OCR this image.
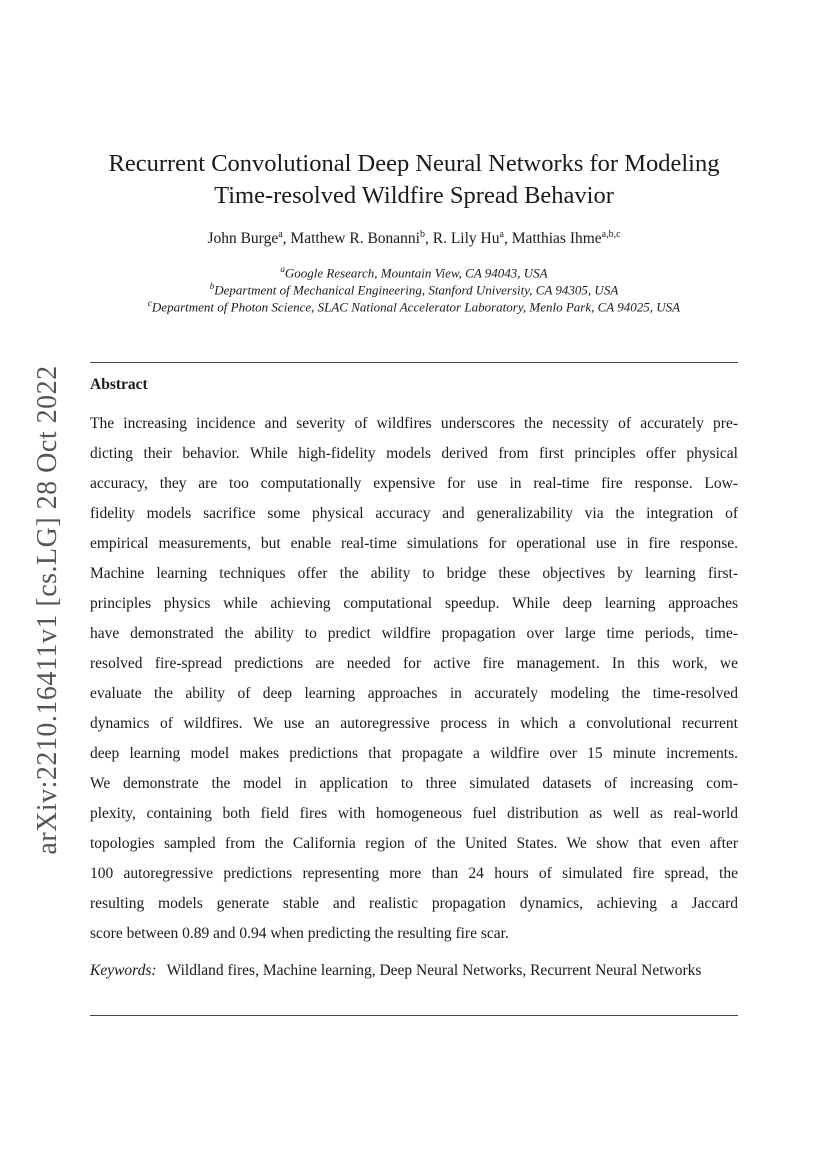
arXiv:2210.16411v1 [cs.LG] 28 Oct 2022
Recurrent Convolutional Deep Neural Networks for Modeling
Time-resolved Wildfire Spread Behavior
John Burge$^a$, Matthew R. Bonanni$^b$, R. Lily Hu$^a$, Matthias Ihme$^{a,b,c}$
$^a$Google Research, Mountain View, CA 94043, USA
$^b$Department of Mechanical Engineering, Stanford University, CA 94305, USA
$^c$Department of Photon Science, SLAC National Accelerator Laboratory, Menlo Park, CA 94025, USA
Abstract
The increasing incidence and severity of wildfires underscores the necessity of accurately pre-
dicting their behavior. While high-fidelity models derived from first principles offer physical
accuracy, they are too computationally expensive for use in real-time fire response. Low-
fidelity models sacrifice some physical accuracy and generalizability via the integration of
empirical measurements, but enable real-time simulations for operational use in fire response.
Machine learning techniques offer the ability to bridge these objectives by learning first-
principles physics while achieving computational speedup. While deep learning approaches
have demonstrated the ability to predict wildfire propagation over large time periods, time-
resolved fire-spread predictions are needed for active fire management. In this work, we
evaluate the ability of deep learning approaches in accurately modeling the time-resolved
dynamics of wildfires. We use an autoregressive process in which a convolutional recurrent
deep learning model makes predictions that propagate a wildfire over 15 minute increments.
We demonstrate the model in application to three simulated datasets of increasing com-
plexity, containing both field fires with homogeneous fuel distribution as well as real-world
topologies sampled from the California region of the United States. We show that even after
100 autoregressive predictions representing more than 24 hours of simulated fire spread, the
resulting models generate stable and realistic propagation dynamics, achieving a Jaccard
score between 0.89 and 0.94 when predicting the resulting fire scar.
Keywords: Wildland fires, Machine learning, Deep Neural Networks, Recurrent Neural Networks
